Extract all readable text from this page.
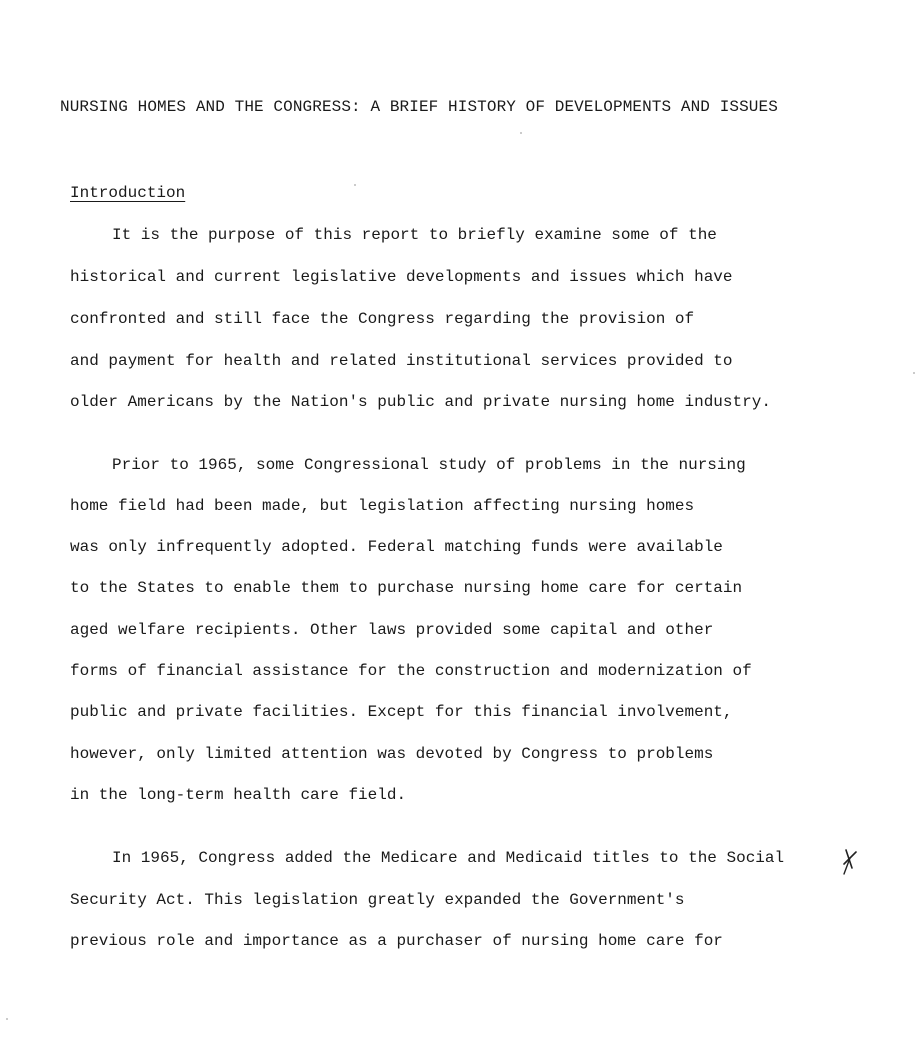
NURSING HOMES AND THE CONGRESS: A BRIEF HISTORY OF DEVELOPMENTS AND ISSUES
Introduction
It is the purpose of this report to briefly examine some of the
historical and current legislative developments and issues which have
confronted and still face the Congress regarding the provision of
and payment for health and related institutional services provided to
older Americans by the Nation's public and private nursing home industry.
Prior to 1965, some Congressional study of problems in the nursing
home field had been made, but legislation affecting nursing homes
was only infrequently adopted. Federal matching funds were available
to the States to enable them to purchase nursing home care for certain
aged welfare recipients. Other laws provided some capital and other
forms of financial assistance for the construction and modernization of
public and private facilities. Except for this financial involvement,
however, only limited attention was devoted by Congress to problems
in the long-term health care field.
In 1965, Congress added the Medicare and Medicaid titles to the Social
Security Act. This legislation greatly expanded the Government's
previous role and importance as a purchaser of nursing home care for
